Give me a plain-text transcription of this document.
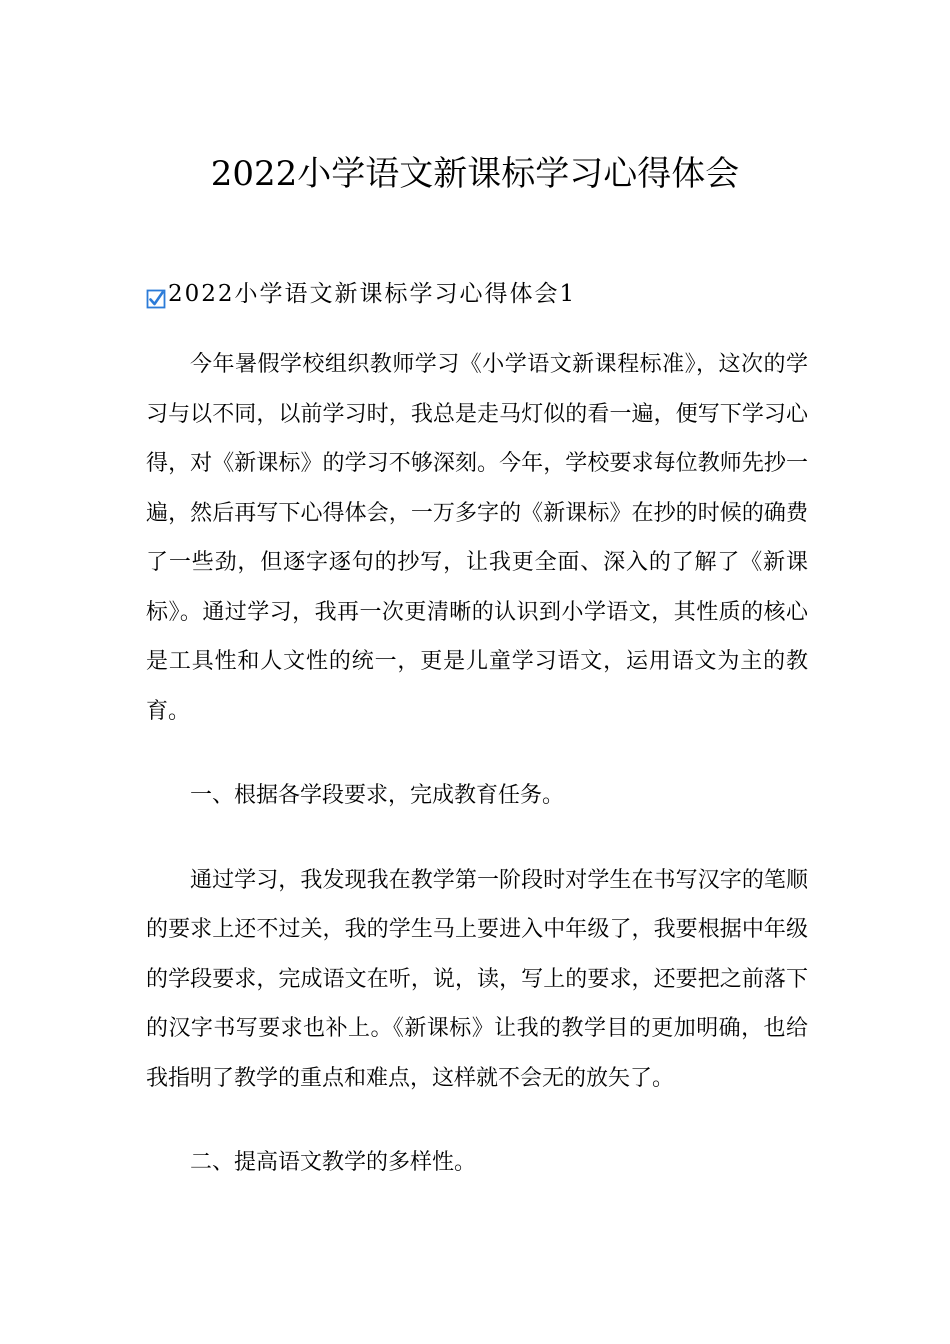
2022小学语文新课标学习心得体会
2022小学语文新课标学习心得体会1

今年暑假学校组织教师学习《小学语文新课程标准》，这次的学习与以不同，以前学习时，我总是走马灯似的看一遍，便写下学习心得，对《新课标》的学习不够深刻。今年，学校要求每位教师先抄一遍，然后再写下心得体会，一万多字的《新课标》在抄的时候的确费了一些劲，但逐字逐句的抄写，让我更全面、深入的了解了《新课标》。通过学习，我再一次更清晰的认识到小学语文，其性质的核心是工具性和人文性的统一，更是儿童学习语文，运用语文为主的教育。

一、根据各学段要求，完成教育任务。

通过学习，我发现我在教学第一阶段时对学生在书写汉字的笔顺的要求上还不过关，我的学生马上要进入中年级了，我要根据中年级的学段要求，完成语文在听，说，读，写上的要求，还要把之前落下的汉字书写要求也补上。《新课标》让我的教学目的更加明确，也给我指明了教学的重点和难点，这样就不会无的放矢了。

二、提高语文教学的多样性。
